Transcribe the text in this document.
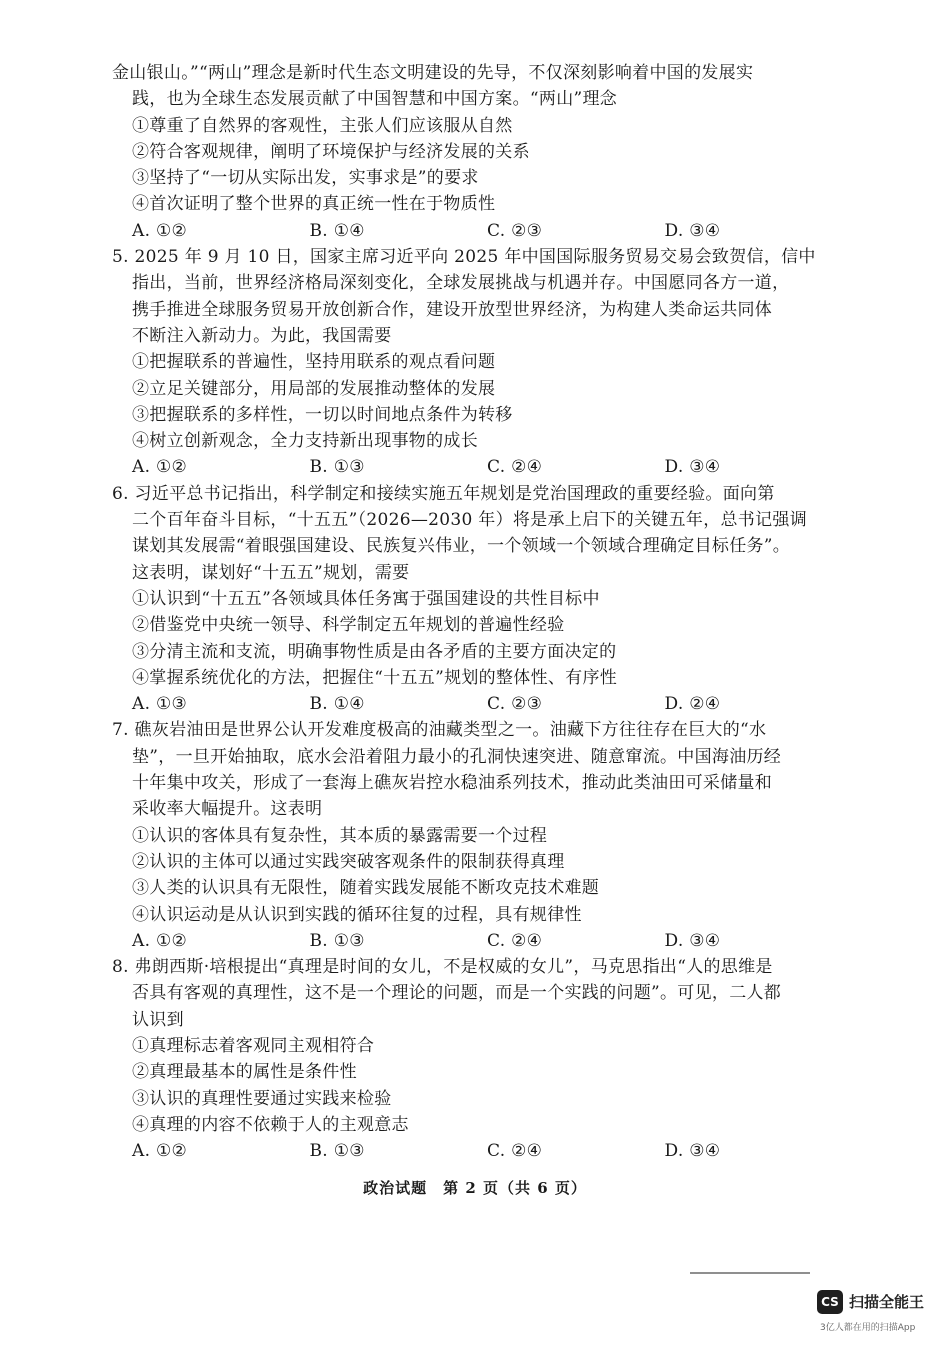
金山银山。”“两山”理念是新时代生态文明建设的先导，不仅深刻影响着中国的发展实
践，也为全球生态发展贡献了中国智慧和中国方案。“两山”理念
①尊重了自然界的客观性，主张人们应该服从自然
②符合客观规律，阐明了环境保护与经济发展的关系
③坚持了“一切从实际出发，实事求是”的要求
④首次证明了整个世界的真正统一性在于物质性
A. ①②	B. ①④	C. ②③	D. ③④
5. 2025 年 9 月 10 日，国家主席习近平向 2025 年中国国际服务贸易交易会致贺信，信中
指出，当前，世界经济格局深刻变化，全球发展挑战与机遇并存。中国愿同各方一道，
携手推进全球服务贸易开放创新合作，建设开放型世界经济，为构建人类命运共同体
不断注入新动力。为此，我国需要
①把握联系的普遍性，坚持用联系的观点看问题
②立足关键部分，用局部的发展推动整体的发展
③把握联系的多样性，一切以时间地点条件为转移
④树立创新观念，全力支持新出现事物的成长
A. ①②	B. ①③	C. ②④	D. ③④
6. 习近平总书记指出，科学制定和接续实施五年规划是党治国理政的重要经验。面向第
二个百年奋斗目标，“十五五”（2026—2030 年）将是承上启下的关键五年，总书记强调
谋划其发展需“着眼强国建设、民族复兴伟业，一个领域一个领域合理确定目标任务”。
这表明，谋划好“十五五”规划，需要
①认识到“十五五”各领域具体任务寓于强国建设的共性目标中
②借鉴党中央统一领导、科学制定五年规划的普遍性经验
③分清主流和支流，明确事物性质是由各矛盾的主要方面决定的
④掌握系统优化的方法，把握住“十五五”规划的整体性、有序性
A. ①③	B. ①④	C. ②③	D. ②④
7. 礁灰岩油田是世界公认开发难度极高的油藏类型之一。油藏下方往往存在巨大的“水
垫”，一旦开始抽取，底水会沿着阻力最小的孔洞快速突进、随意窜流。中国海油历经
十年集中攻关，形成了一套海上礁灰岩控水稳油系列技术，推动此类油田可采储量和
采收率大幅提升。这表明
①认识的客体具有复杂性，其本质的暴露需要一个过程
②认识的主体可以通过实践突破客观条件的限制获得真理
③人类的认识具有无限性，随着实践发展能不断攻克技术难题
④认识运动是从认识到实践的循环往复的过程，具有规律性
A. ①②	B. ①③	C. ②④	D. ③④
8. 弗朗西斯·培根提出“真理是时间的女儿，不是权威的女儿”，马克思指出“人的思维是
否具有客观的真理性，这不是一个理论的问题，而是一个实践的问题”。可见，二人都
认识到
①真理标志着客观同主观相符合
②真理最基本的属性是条件性
③认识的真理性要通过实践来检验
④真理的内容不依赖于人的主观意志
A. ①②	B. ①③	C. ②④	D. ③④
政治试题　第 2 页（共 6 页）
CS 扫描全能王
3亿人都在用的扫描App
